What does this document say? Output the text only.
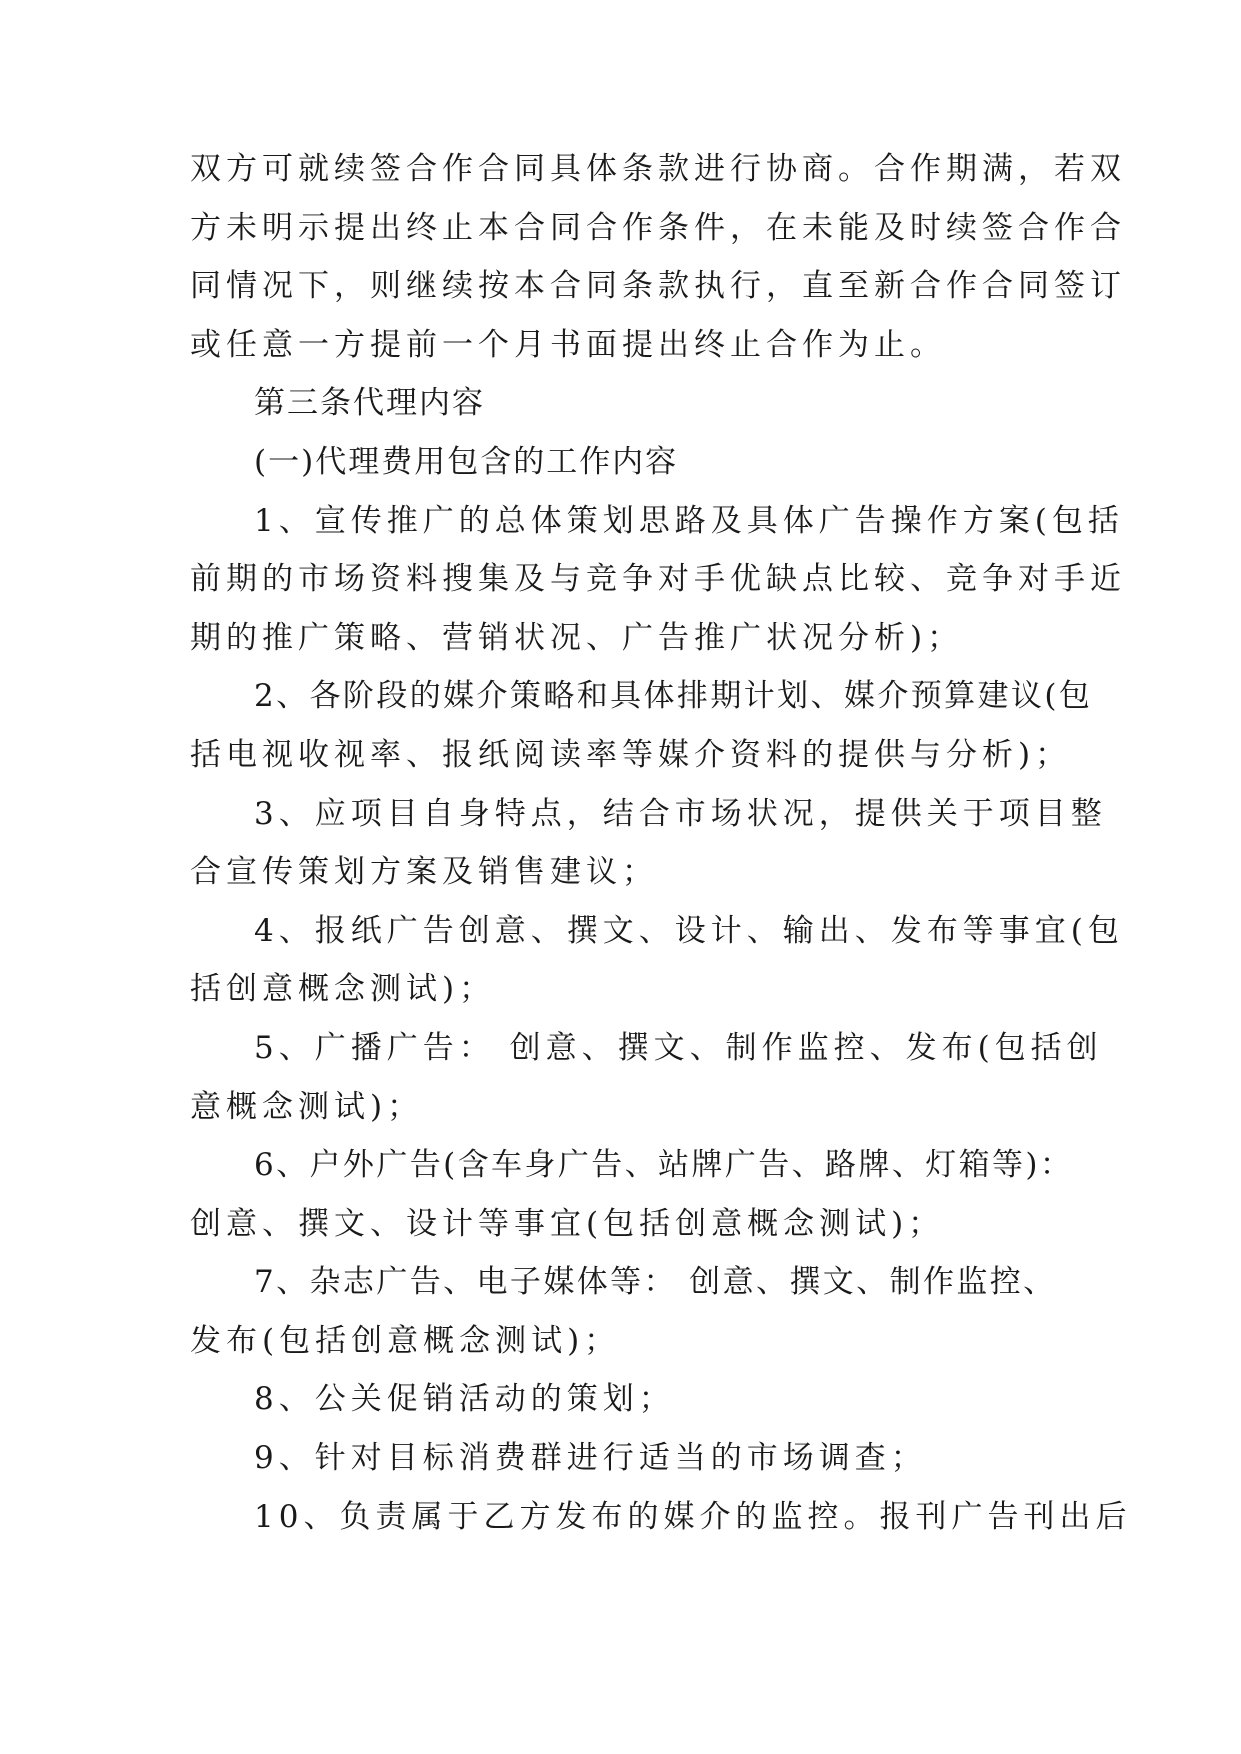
双方可就续签合作合同具体条款进行协商。合作期满，若双
方未明示提出终止本合同合作条件，在未能及时续签合作合
同情况下，则继续按本合同条款执行，直至新合作合同签订
或任意一方提前一个月书面提出终止合作为止。
第三条代理内容
(一)代理费用包含的工作内容
1、宣传推广的总体策划思路及具体广告操作方案(包括
前期的市场资料搜集及与竞争对手优缺点比较、竞争对手近
期的推广策略、营销状况、广告推广状况分析)；
2、各阶段的媒介策略和具体排期计划、媒介预算建议(包
括电视收视率、报纸阅读率等媒介资料的提供与分析)；
3、应项目自身特点，结合市场状况，提供关于项目整
合宣传策划方案及销售建议；
4、报纸广告创意、撰文、设计、输出、发布等事宜(包
括创意概念测试)；
5、广播广告： 创意、撰文、制作监控、发布(包括创
意概念测试)；
6、户外广告(含车身广告、站牌广告、路牌、灯箱等)：
创意、撰文、设计等事宜(包括创意概念测试)；
7、杂志广告、电子媒体等： 创意、撰文、制作监控、
发布(包括创意概念测试)；
8、公关促销活动的策划；
9、针对目标消费群进行适当的市场调查；
10、负责属于乙方发布的媒介的监控。报刊广告刊出后
